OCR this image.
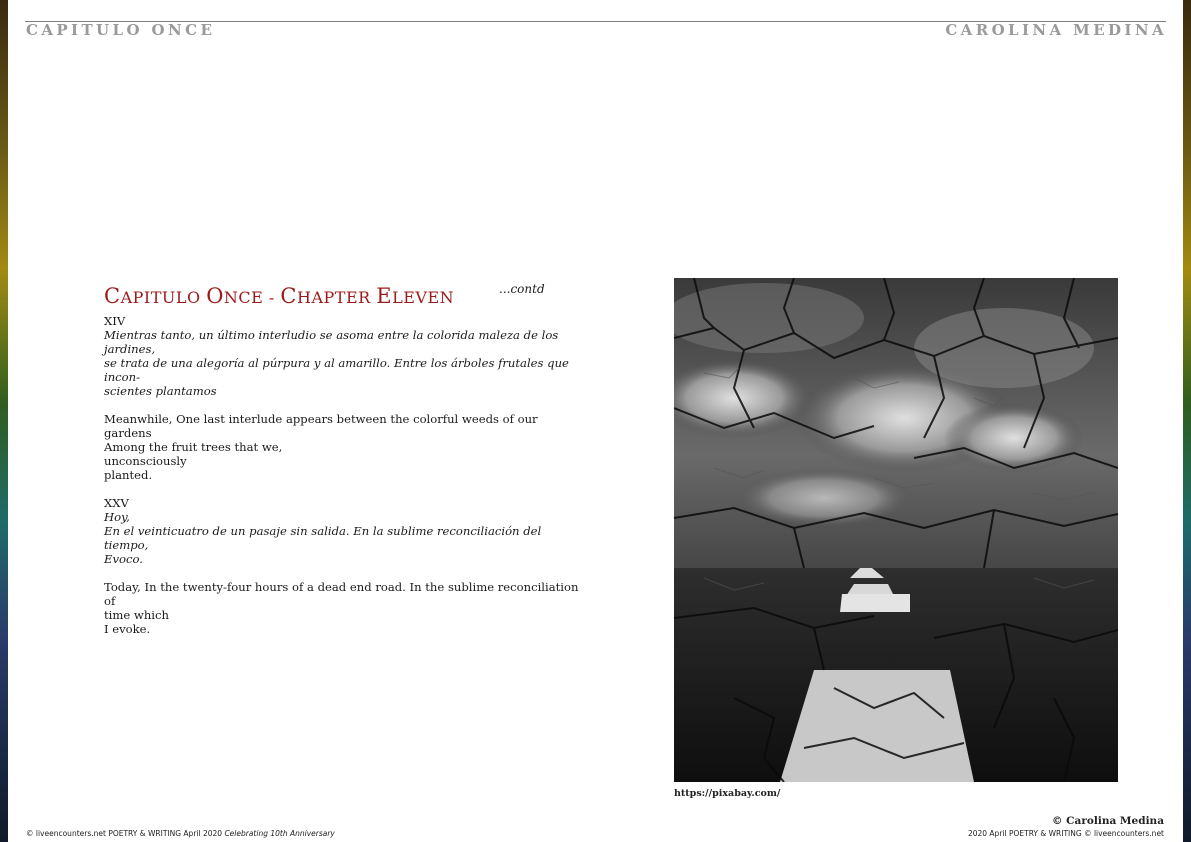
CAPITULO ONCE	CAROLINA MEDINA
CAPITULO ONCE - CHAPTER ELEVEN	...contd
XIV
Mientras tanto, un último interludio se asoma entre la colorida maleza de los jardines,
se trata de una alegoría al púrpura y al amarillo. Entre los árboles frutales que incon-
scientes plantamos
Meanwhile, One last interlude appears between the colorful weeds of our gardens
Among the fruit trees that we,
unconsciously
planted.
XXV
Hoy,
En el veinticuatro de un pasaje sin salida. En la sublime reconciliación del tiempo,
Evoco.
Today, In the twenty-four hours of a dead end road. In the sublime reconciliation of
time which
I evoke.
https://pixabay.com/
© Carolina Medina
© liveencounters.net POETRY & WRITING April 2020 Celebrating 10th Anniversary	2020 April POETRY & WRITING © liveencounters.net
